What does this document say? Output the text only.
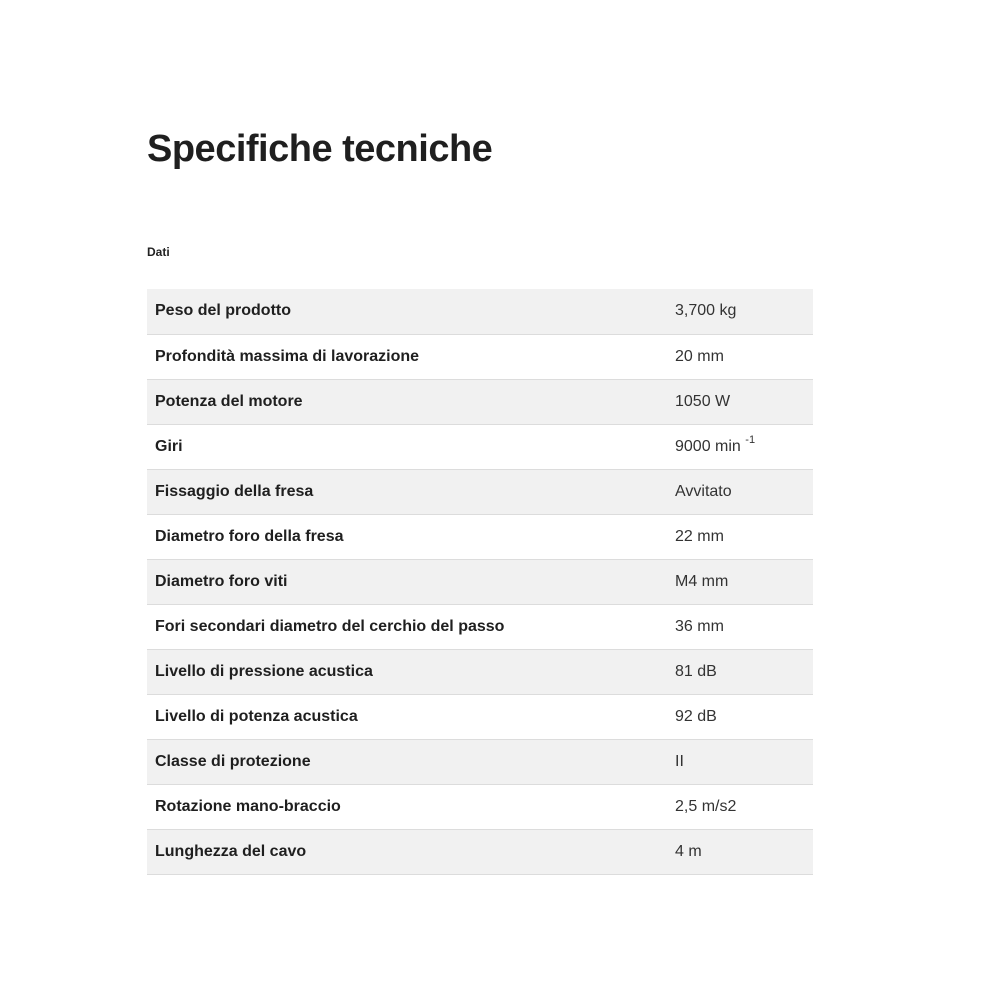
Specifiche tecniche
Dati
Peso del prodotto	3,700 kg
Profondità massima di lavorazione	20 mm
Potenza del motore	1050 W
Giri	9000 min $^{-1}$
Fissaggio della fresa	Avvitato
Diametro foro della fresa	22 mm
Diametro foro viti	M4 mm
Fori secondari diametro del cerchio del passo	36 mm
Livello di pressione acustica	81 dB
Livello di potenza acustica	92 dB
Classe di protezione	II
Rotazione mano-braccio	2,5 m/s2
Lunghezza del cavo	4 m
